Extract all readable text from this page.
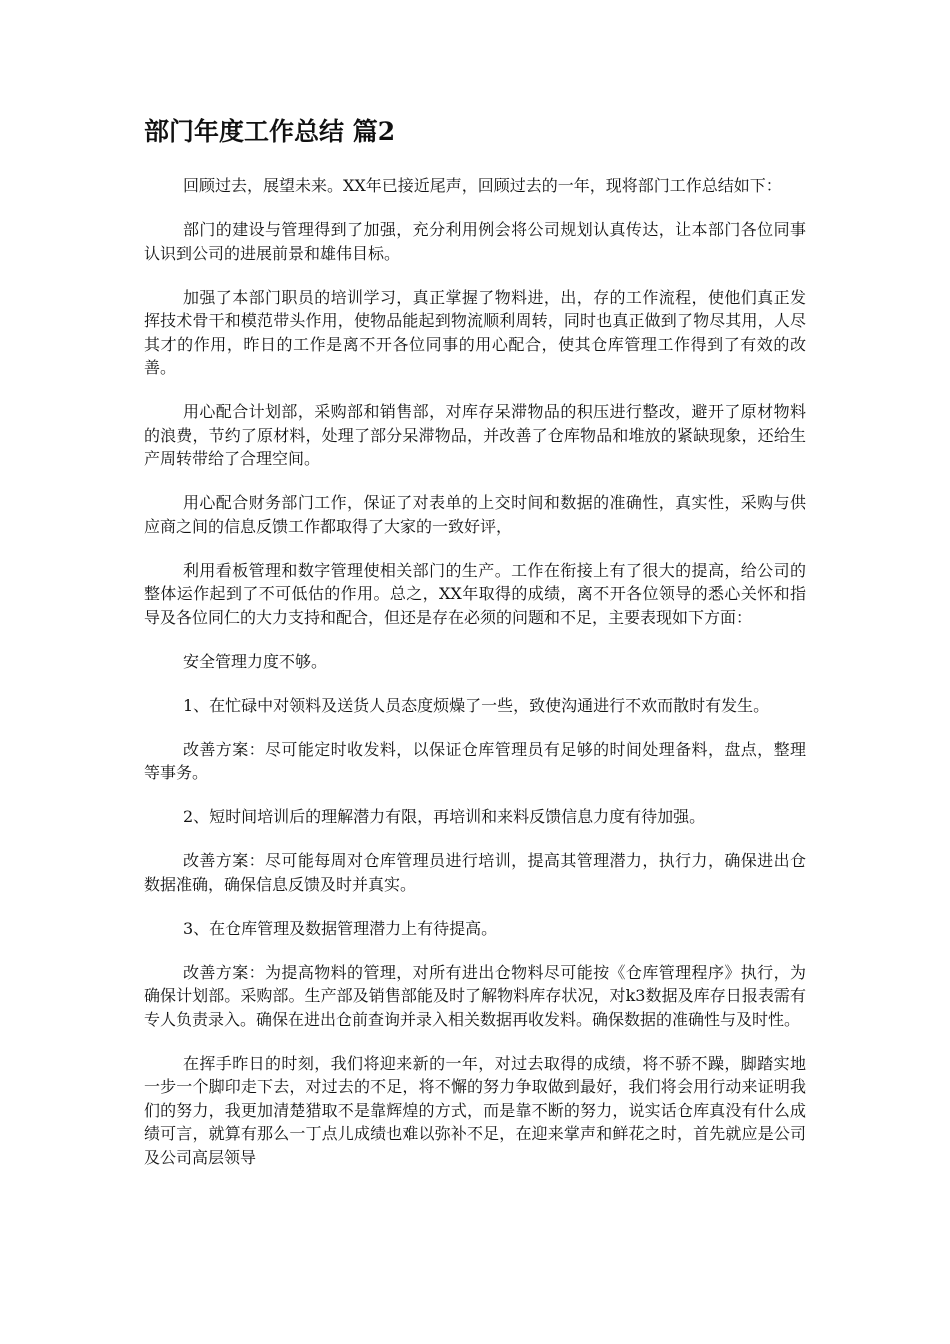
部门年度工作总结 篇2

回顾过去，展望未来。XX年已接近尾声，回顾过去的一年，现将部门工作总结如下：

部门的建设与管理得到了加强，充分利用例会将公司规划认真传达，让本部门各位同事认识到公司的进展前景和雄伟目标。

加强了本部门职员的培训学习，真正掌握了物料进，出，存的工作流程，使他们真正发挥技术骨干和模范带头作用，使物品能起到物流顺利周转，同时也真正做到了物尽其用，人尽其才的作用，昨日的工作是离不开各位同事的用心配合，使其仓库管理工作得到了有效的改善。

用心配合计划部，采购部和销售部，对库存呆滞物品的积压进行整改，避开了原材物料的浪费，节约了原材料，处理了部分呆滞物品，并改善了仓库物品和堆放的紧缺现象，还给生产周转带给了合理空间。

用心配合财务部门工作，保证了对表单的上交时间和数据的准确性，真实性，采购与供应商之间的信息反馈工作都取得了大家的一致好评，

利用看板管理和数字管理使相关部门的生产。工作在衔接上有了很大的提高，给公司的整体运作起到了不可低估的作用。总之，XX年取得的成绩，离不开各位领导的悉心关怀和指导及各位同仁的大力支持和配合，但还是存在必须的问题和不足，主要表现如下方面：

安全管理力度不够。

1、在忙碌中对领料及送货人员态度烦燥了一些，致使沟通进行不欢而散时有发生。

改善方案：尽可能定时收发料，以保证仓库管理员有足够的时间处理备料，盘点，整理等事务。

2、短时间培训后的理解潜力有限，再培训和来料反馈信息力度有待加强。

改善方案：尽可能每周对仓库管理员进行培训，提高其管理潜力，执行力，确保进出仓数据准确，确保信息反馈及时并真实。

3、在仓库管理及数据管理潜力上有待提高。

改善方案：为提高物料的管理，对所有进出仓物料尽可能按《仓库管理程序》执行，为确保计划部。采购部。生产部及销售部能及时了解物料库存状况，对k3数据及库存日报表需有专人负责录入。确保在进出仓前查询并录入相关数据再收发料。确保数据的准确性与及时性。

在挥手昨日的时刻，我们将迎来新的一年，对过去取得的成绩，将不骄不躁，脚踏实地一步一个脚印走下去，对过去的不足，将不懈的努力争取做到最好，我们将会用行动来证明我们的努力，我更加清楚猎取不是靠辉煌的方式，而是靠不断的努力，说实话仓库真没有什么成绩可言，就算有那么一丁点儿成绩也难以弥补不足，在迎来掌声和鲜花之时，首先就应是公司及公司高层领导
